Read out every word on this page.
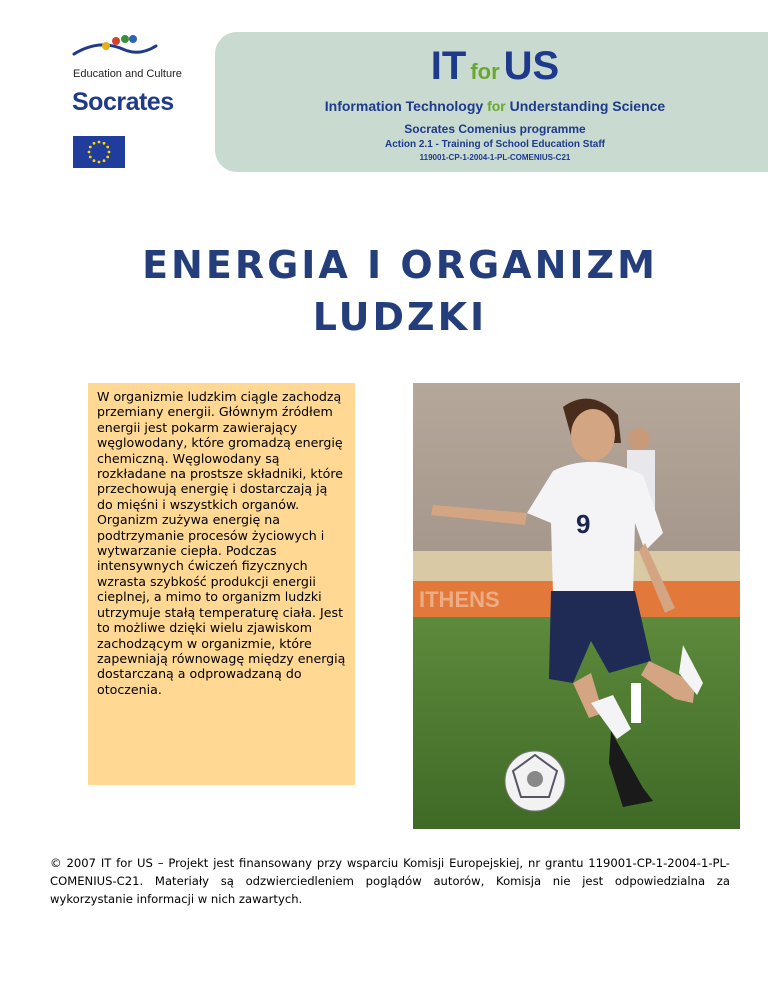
Education and Culture
Socrates
IT for US
Information Technology for Understanding Science
Socrates Comenius programme
Action 2.1 - Training of School Education Staff
119001-CP-1-2004-1-PL-COMENIUS-C21
ENERGIA I ORGANIZM
LUDZKI

W organizmie ludzkim ciągle zachodzą przemiany energii. Głównym źródłem energii jest pokarm zawierający węglowodany, które gromadzą energię chemiczną. Węglowodany są rozkładane na prostsze składniki, które przechowują energię i dostarczają ją do mięśni i wszystkich organów. Organizm zużywa energię na podtrzymanie procesów życiowych i wytwarzanie ciepła. Podczas intensywnych ćwiczeń fizycznych wzrasta szybkość produkcji energii cieplnej, a mimo to organizm ludzki utrzymuje stałą temperaturę ciała. Jest to możliwe dzięki wielu zjawiskom zachodzącym w organizmie, które zapewniają równowagę między energią dostarczaną a odprowadzaną do otoczenia.

ITHENS
9
© 2007 IT for US – Projekt jest finansowany przy wsparciu Komisji Europejskiej, nr grantu 119001-CP-1-2004-1-PL-COMENIUS-C21. Materiały są odzwierciedleniem poglądów autorów, Komisja nie jest odpowiedzialna za wykorzystanie informacji w nich zawartych.
